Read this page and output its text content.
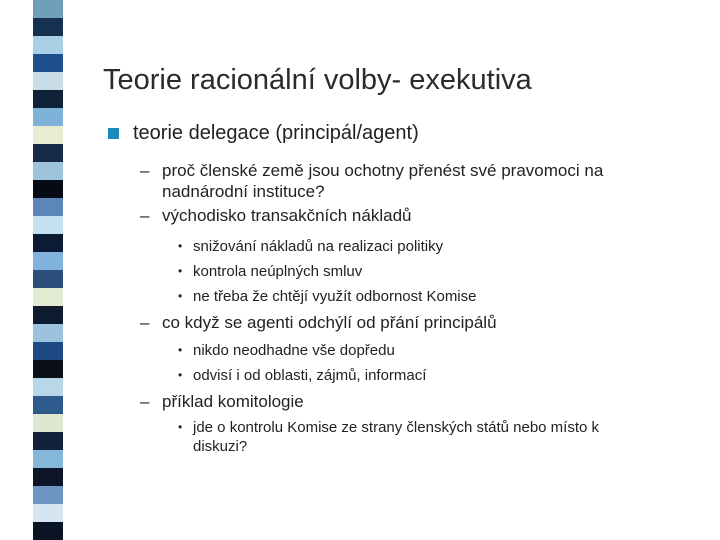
Teorie racionální volby- exekutiva
teorie delegace (principál/agent)
– proč členské země jsou ochotny přenést své pravomoci na nadnárodní instituce?
– východisko transakčních nákladů
• snižování nákladů na realizaci politiky
• kontrola neúplných smluv
• ne třeba že chtějí využít odbornost Komise
– co když se agenti odchýlí od přání principálů
• nikdo neodhadne vše dopředu
• odvisí i od oblasti, zájmů, informací
– příklad komitologie
• jde o kontrolu Komise ze strany členských států nebo místo k diskuzi?
